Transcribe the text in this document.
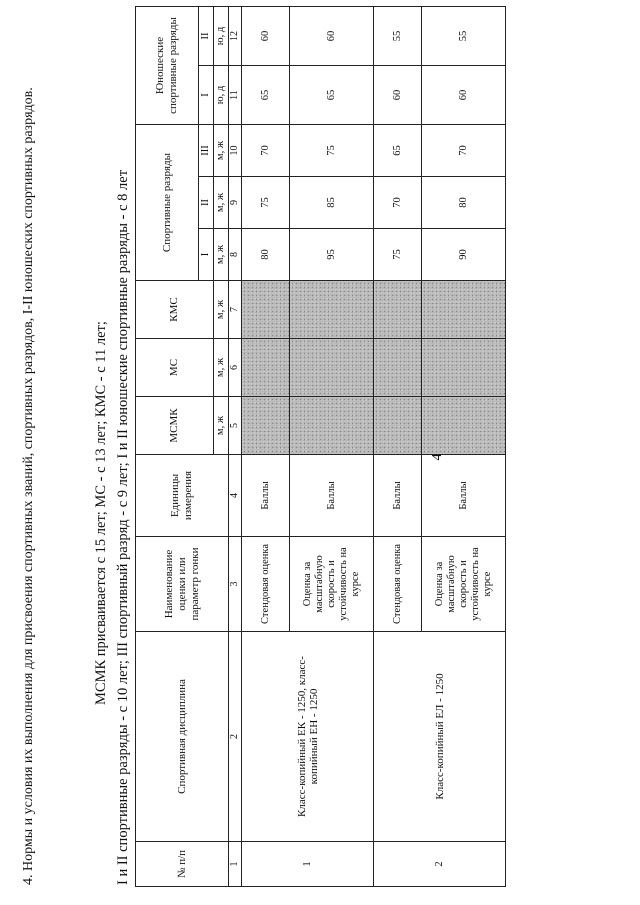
4. Нормы и условия их выполнения для присвоения спортивных званий, спортивных разрядов, I-II юношеских спортивных разрядов.	МСМК присваивается с 15 лет; МС - с 13 лет; КМС - с 11 лет; I и II спортивные разряды - с 10 лет; III спортивный разряд - с 9 лет; I и II юношеские спортивные разряды - с 8 лет	№ п/п	Спортивная дисциплина	Наименование оценки или параметр гонки	Единицы измерения	МСМК	МС	КМС	Спортивные разряды			Юношеские спортивные разряды	
							I	II	III	I	II
				м, ж	м, ж	м, ж	м, ж	м, ж	м, ж	ю, д	ю, д
1	2	3	4	5	6	7	8	9	10	11	12
1	Класс-копийный ЕК - 1250, класс-копийный ЕН - 1250	Стендовая оценка	Баллы				80	75	70	65	60
		Оценка за масштабную скорость и устойчивость на курсе	Баллы				95	85	75	65	60
2	Класс-копийный ЕЛ - 1250	Стендовая оценка	Баллы				75	70	65	60	55
		Оценка за масштабную скорость и устойчивость на курсе	Баллы				90	80	70	60	55
